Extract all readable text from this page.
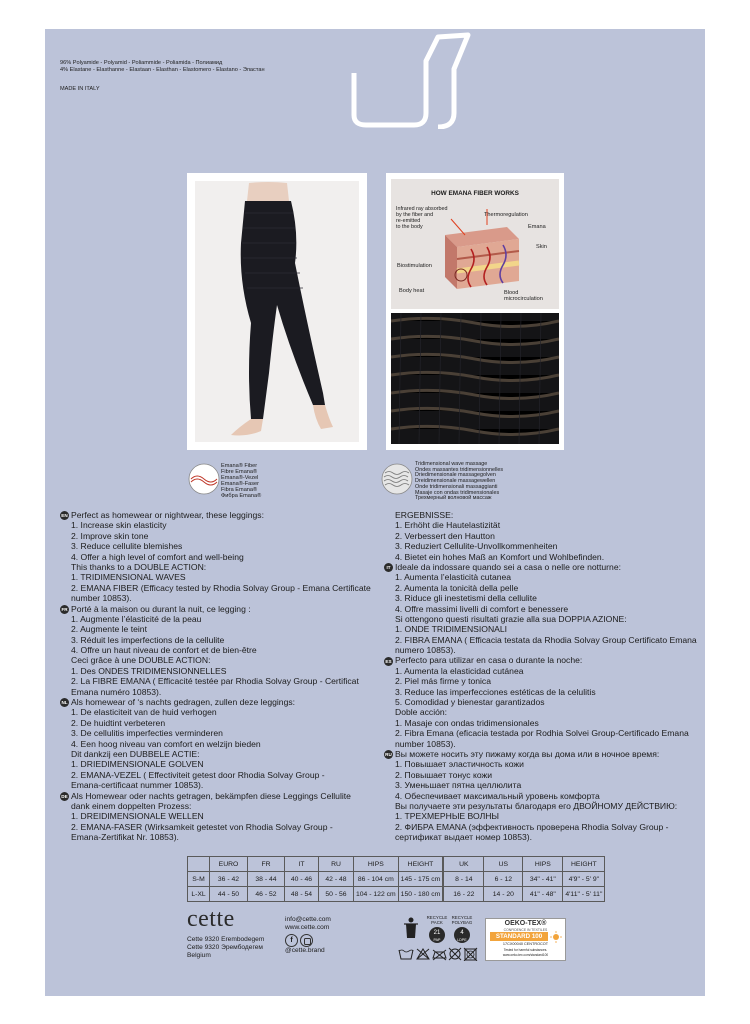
96% Polyamide - Polyamid - Poliammide - Poliamida - Полиамид
4% Elastane - Elasthanne - Elastaan - Elasthan - Elastomero - Elastano - Эластан
MADE IN ITALY
HOW EMANA FIBER WORKS
Infrared ray absorbed
by the fiber and
re-emitted
to the body
Thermoregulation
Emana
Skin
Biostimulation
Body heat	Blood
microcirculation
Emana® Fiber
Fibre Emana®
Emana®-Vezel
Emana®-Faser
Fibra Emana®
Фибра Emana®
Tridimensional wave massage
Ondes massantes tridimensionnelles
Driedimensionale massagegolven
Dreidimensionale massagewellen
Onde tridimensionali massaggianti
Masaje con ondas tridimensionales
Трехмерный волновой массаж
EN Perfect as homewear or nightwear, these leggings:
1. Increase skin elasticity
2. Improve skin tone
3. Reduce cellulite blemishes
4. Offer a high level of comfort and well-being
This thanks to a DOUBLE ACTION:
1. TRIDIMENSIONAL WAVES
2. EMANA FIBER (Efficacy tested by Rhodia Solvay Group - Emana Certificate
number 10853).
FR Porté à la maison ou durant la nuit, ce legging :
1. Augmente l’élasticité de la peau
2. Augmente le teint
3. Réduit les imperfections de la cellulite
4. Offre un haut niveau de confort et de bien-être
Ceci grâce à une DOUBLE ACTION:
1. Des ONDES TRIDIMENSIONNELLES
2. La FIBRE EMANA ( Efficacité testée par Rhodia Solvay Group - Certificat
Emana numéro 10853).
NL Als homewear of ‘s nachts gedragen, zullen deze leggings:
1. De elasticiteit van de huid verhogen
2. De huidtint verbeteren
3. De cellulitis imperfecties verminderen
4. Een hoog niveau van comfort en welzijn bieden
Dit dankzij een DUBBELE ACTIE:
1. DRIEDIMENSIONALE GOLVEN
2. EMANA-VEZEL ( Effectiviteit getest door Rhodia Solvay Group -
Emana-certificaat nummer 10853).
DE Als Homewear oder nachts getragen, bekämpfen diese Leggings Cellulite
dank einem doppelten Prozess:
1. DREIDIMENSIONALE WELLEN
2. EMANA-FASER (Wirksamkeit getestet von Rhodia Solvay Group -
Emana-Zertifikat Nr. 10853).
ERGEBNISSE:
1. Erhöht die Hautelastizität
2. Verbessert den Hautton
3. Reduziert Cellulite-Unvollkommenheiten
4. Bietet ein hohes Maß an Komfort und Wohlbefinden.
IT Ideale da indossare quando sei a casa o nelle ore notturne:
1. Aumenta l’elasticità cutanea
2. Aumenta la tonicità della pelle
3. Riduce gli inestetismi della cellulite
4. Offre massimi livelli di comfort e benessere
Si ottengono questi risultati grazie alla sua DOPPIA AZIONE:
1. ONDE TRIDIMENSIONALI
2. FIBRA EMANA ( Efficacia testata da Rhodia Solvay Group Certificato Emana
numero 10853).
ES Perfecto para utilizar en casa o durante la noche:
1. Aumenta la elasticidad cutánea
2. Piel más firme y tonica
3. Reduce las imperfecciones estéticas de la celulitis
5. Comodidad y bienestar garantizados
Doble acción:
1. Masaje con ondas tridimensionales
2. Fibra Emana (eficacia testada por Rodhia Solvei Group-Certificado Emana
number 10853).
RU Вы можете носить эту пижаму когда вы дома или в ночное время:
1. Повышает эластичность кожи
2. Повышает тонус кожи
3. Уменьшает пятна целлюлита
4. Обеспечивает максимальный уровень комфорта
Вы получаете эти результаты благодаря его ДВОЙНОМУ ДЕЙСТВИЮ:
1. ТРЕХМЕРНЫЕ ВОЛНЫ
2. ФИБРА EMANA (эффективность проверена Rhodia Solvay Group -
сертификат выдает номер 10853).
	EURO	FR	IT	RU	HIPS	HEIGHT	UK	US	HIPS	HEIGHT
S-M	36 - 42	38 - 44	40 - 46	42 - 48	86 - 104 cm	145 - 175 cm	8 - 14	6 - 12	34" - 41"	4'9" - 5' 9"
L-XL	44 - 50	46 - 52	48 - 54	50 - 56	104 - 122 cm	150 - 180 cm	16 - 22	14 - 20	41" - 48"	4'11" - 5' 11"
cette
Cette 9320 Erembodegem
Cette 9320 Эрембодегем
Belgium
info@cette.com
www.cette.com
f
@cette.brand
RECYCLE
PACK
RECYCLE
POLYBAG
21
PAP
4
LDPE
OEKO-TEX®
CONFIDENCE IN TEXTILES
STANDARD 100
17CX00040 CENTROCOT
Tested for harmful substances.
www.oeko-tex.com/standard100
